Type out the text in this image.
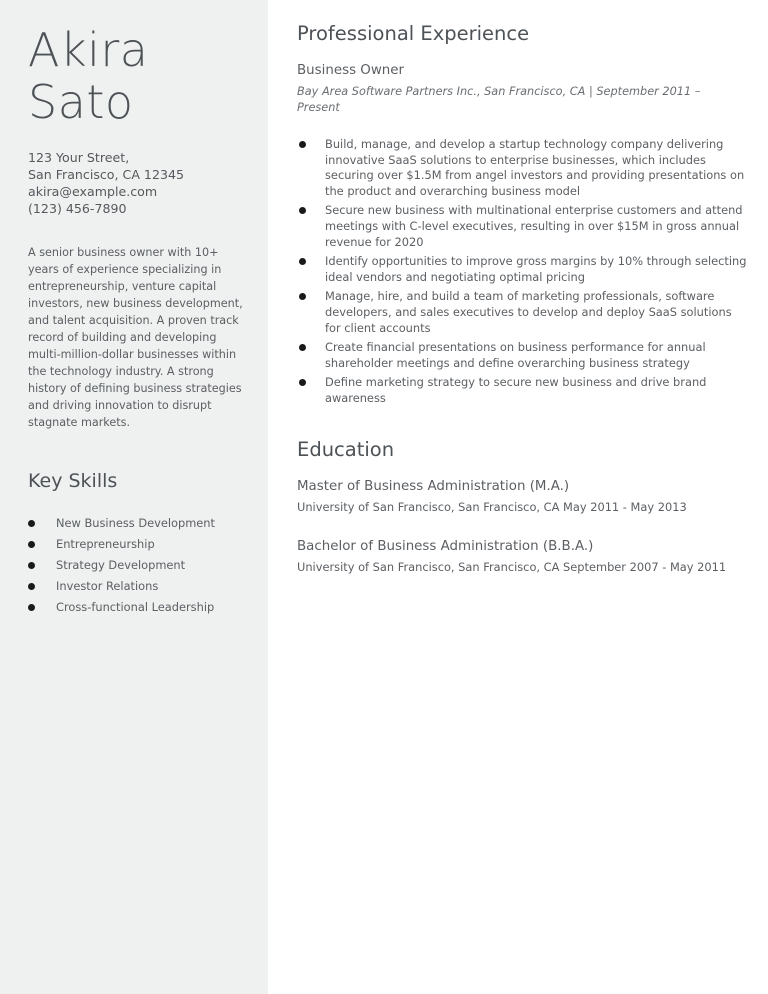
Akira
Sato
123 Your Street,
San Francisco, CA 12345
akira@example.com
(123) 456-7890

A senior business owner with 10+ years of experience specializing in entrepreneurship, venture capital investors, new business development, and talent acquisition. A proven track record of building and developing multi-million-dollar businesses within the technology industry. A strong history of defining business strategies and driving innovation to disrupt stagnate markets.

Key Skills
New Business Development
Entrepreneurship
Strategy Development
Investor Relations
Cross-functional Leadership
Professional Experience
Business Owner
Bay Area Software Partners Inc., San Francisco, CA | September 2011 – Present
Build, manage, and develop a startup technology company delivering innovative SaaS solutions to enterprise businesses, which includes securing over $1.5M from angel investors and providing presentations on the product and overarching business model
Secure new business with multinational enterprise customers and attend meetings with C-level executives, resulting in over $15M in gross annual revenue for 2020
Identify opportunities to improve gross margins by 10% through selecting ideal vendors and negotiating optimal pricing
Manage, hire, and build a team of marketing professionals, software developers, and sales executives to develop and deploy SaaS solutions for client accounts
Create financial presentations on business performance for annual shareholder meetings and define overarching business strategy
Define marketing strategy to secure new business and drive brand awareness
Education
Master of Business Administration (M.A.)
University of San Francisco, San Francisco, CA May 2011 - May 2013
Bachelor of Business Administration (B.B.A.)
University of San Francisco, San Francisco, CA September 2007 - May 2011
